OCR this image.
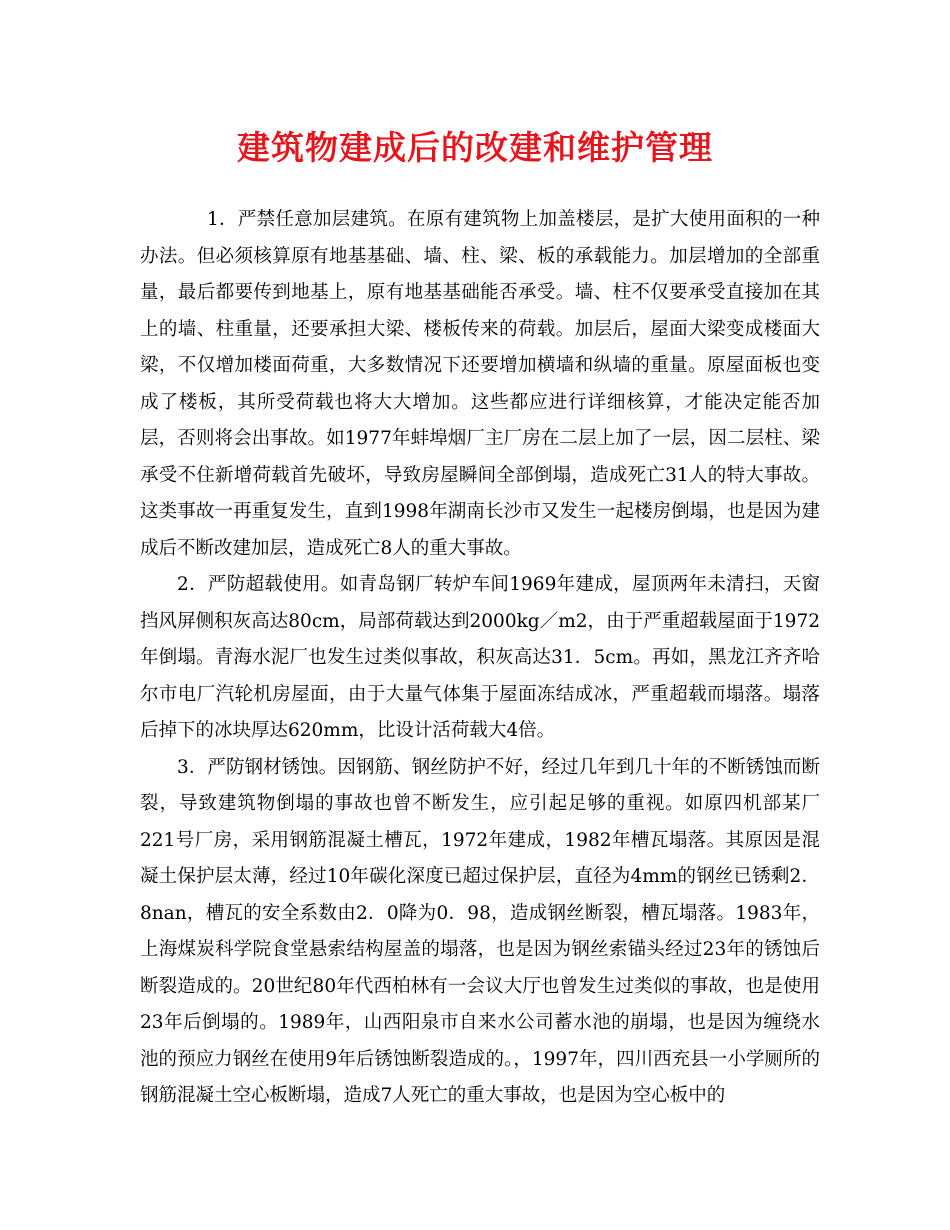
建筑物建成后的改建和维护管理

1．严禁任意加层建筑。在原有建筑物上加盖楼层，是扩大使用面积的一种办法。但必须核算原有地基基础、墙、柱、梁、板的承载能力。加层增加的全部重量，最后都要传到地基上，原有地基基础能否承受。墙、柱不仅要承受直接加在其上的墙、柱重量，还要承担大梁、楼板传来的荷载。加层后，屋面大梁变成楼面大梁，不仅增加楼面荷重，大多数情况下还要增加横墙和纵墙的重量。原屋面板也变成了楼板，其所受荷载也将大大增加。这些都应进行详细核算，才能决定能否加层，否则将会出事故。如1977年蚌埠烟厂主厂房在二层上加了一层，因二层柱、梁承受不住新增荷载首先破坏，导致房屋瞬间全部倒塌，造成死亡31人的特大事故。这类事故一再重复发生，直到1998年湖南长沙市又发生一起楼房倒塌，也是因为建成后不断改建加层，造成死亡8人的重大事故。

2．严防超载使用。如青岛钢厂转炉车间1969年建成，屋顶两年未清扫，天窗挡风屏侧积灰高达80cm，局部荷载达到2000kg／m2，由于严重超载屋面于1972年倒塌。青海水泥厂也发生过类似事故，积灰高达31．5cm。再如，黑龙江齐齐哈尔市电厂汽轮机房屋面，由于大量气体集于屋面冻结成冰，严重超载而塌落。塌落后掉下的冰块厚达620mm，比设计活荷载大4倍。

3．严防钢材锈蚀。因钢筋、钢丝防护不好，经过几年到几十年的不断锈蚀而断裂，导致建筑物倒塌的事故也曾不断发生，应引起足够的重视。如原四机部某厂221号厂房，采用钢筋混凝土槽瓦，1972年建成，1982年槽瓦塌落。其原因是混凝土保护层太薄，经过10年碳化深度已超过保护层，直径为4mm的钢丝已锈剩2．8nan，槽瓦的安全系数由2．0降为0．98，造成钢丝断裂，槽瓦塌落。1983年，上海煤炭科学院食堂悬索结构屋盖的塌落，也是因为钢丝索锚头经过23年的锈蚀后断裂造成的。20世纪80年代西柏林有一会议大厅也曾发生过类似的事故，也是使用23年后倒塌的。1989年，山西阳泉市自来水公司蓄水池的崩塌，也是因为缠绕水池的预应力钢丝在使用9年后锈蚀断裂造成的。，1997年，四川西充县一小学厕所的钢筋混凝土空心板断塌，造成7人死亡的重大事故，也是因为空心板中的
